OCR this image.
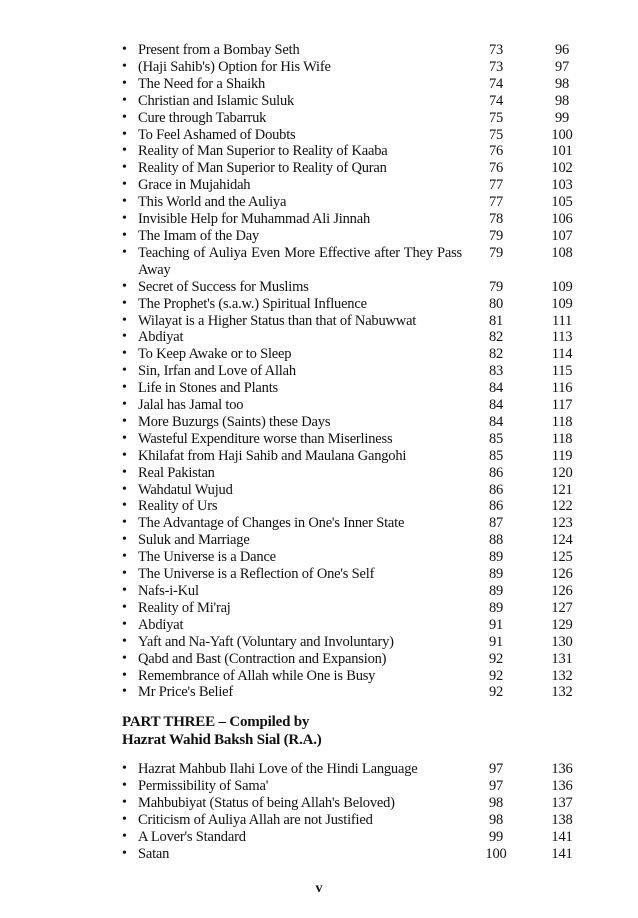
• Present from a Bombay Seth	73	96
• (Haji Sahib's) Option for His Wife	73	97
• The Need for a Shaikh	74	98
• Christian and Islamic Suluk	74	98
• Cure through Tabarruk	75	99
• To Feel Ashamed of Doubts	75	100
• Reality of Man Superior to Reality of Kaaba	76	101
• Reality of Man Superior to Reality of Quran	76	102
• Grace in Mujahidah	77	103
• This World and the Auliya	77	105
• Invisible Help for Muhammad Ali Jinnah	78	106
• The Imam of the Day	79	107
• Teaching of Auliya Even More Effective after They Pass Away
79	108
• Secret of Success for Muslims	79	109
• The Prophet's (s.a.w.) Spiritual Influence	80	109
• Wilayat is a Higher Status than that of Nabuwwat	81	111
• Abdiyat	82	113
• To Keep Awake or to Sleep	82	114
• Sin, Irfan and Love of Allah	83	115
• Life in Stones and Plants	84	116
• Jalal has Jamal too	84	117
• More Buzurgs (Saints) these Days	84	118
• Wasteful Expenditure worse than Miserliness	85	118
• Khilafat from Haji Sahib and Maulana Gangohi	85	119
• Real Pakistan	86	120
• Wahdatul Wujud	86	121
• Reality of Urs	86	122
• The Advantage of Changes in One's Inner State	87	123
• Suluk and Marriage	88	124
• The Universe is a Dance	89	125
• The Universe is a Reflection of One's Self	89	126
• Nafs-i-Kul	89	126
• Reality of Mi'raj	89	127
• Abdiyat	91	129
• Yaft and Na-Yaft (Voluntary and Involuntary)	91	130
• Qabd and Bast (Contraction and Expansion)	92	131
• Remembrance of Allah while One is Busy	92	132
• Mr Price's Belief	92	132
PART THREE – Compiled by
Hazrat Wahid Baksh Sial (R.A.)
• Hazrat Mahbub Ilahi Love of the Hindi Language	97	136
• Permissibility of Sama'	97	136
• Mahbubiyat (Status of being Allah's Beloved)	98	137
• Criticism of Auliya Allah are not Justified	98	138
• A Lover's Standard	99	141
• Satan	100	141
v
